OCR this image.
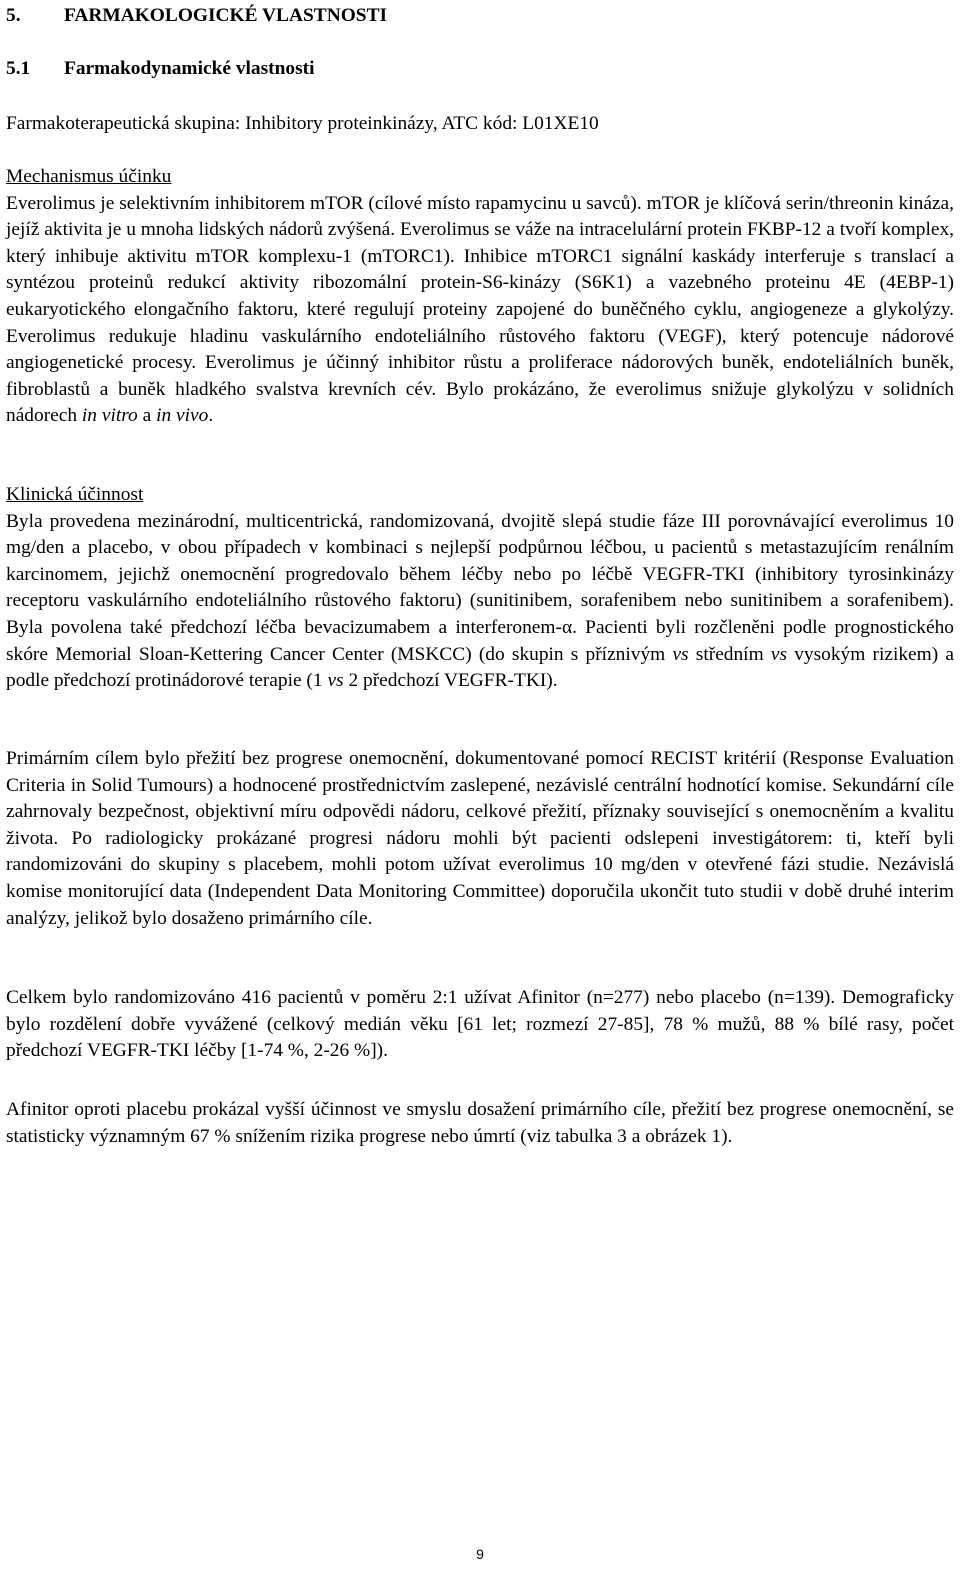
5. FARMAKOLOGICKÉ VLASTNOSTI
5.1 Farmakodynamické vlastnosti

Farmakoterapeutická skupina: Inhibitory proteinkinázy, ATC kód: L01XE10

Mechanismus účinku
Everolimus je selektivním inhibitorem mTOR (cílové místo rapamycinu u savců). mTOR je klíčová serin/threonin kináza, jejíž aktivita je u mnoha lidských nádorů zvýšená. Everolimus se váže na intracelulární protein FKBP-12 a tvoří komplex, který inhibuje aktivitu mTOR komplexu-1 (mTORC1). Inhibice mTORC1 signální kaskády interferuje s translací a syntézou proteinů redukcí aktivity ribozomální protein-S6-kinázy (S6K1) a vazebného proteinu 4E (4EBP-1) eukaryotického elongačního faktoru, které regulují proteiny zapojené do buněčného cyklu, angiogeneze a glykolýzy. Everolimus redukuje hladinu vaskulárního endoteliálního růstového faktoru (VEGF), který potencuje nádorové angiogenetické procesy. Everolimus je účinný inhibitor růstu a proliferace nádorových buněk, endoteliálních buněk, fibroblastů a buněk hladkého svalstva krevních cév. Bylo prokázáno, že everolimus snižuje glykolýzu v solidních nádorech in vitro a in vivo.
Klinická účinnost
Byla provedena mezinárodní, multicentrická, randomizovaná, dvojitě slepá studie fáze III porovnávající everolimus 10 mg/den a placebo, v obou případech v kombinaci s nejlepší podpůrnou léčbou, u pacientů s metastazujícím renálním karcinomem, jejichž onemocnění progredovalo během léčby nebo po léčbě VEGFR-TKI (inhibitory tyrosinkinázy receptoru vaskulárního endoteliálního růstového faktoru) (sunitinibem, sorafenibem nebo sunitinibem a sorafenibem). Byla povolena také předchozí léčba bevacizumabem a interferonem-α. Pacienti byli rozčleněni podle prognostického skóre Memorial Sloan-Kettering Cancer Center (MSKCC) (do skupin s příznivým vs středním vs vysokým rizikem) a podle předchozí protinádorové terapie (1 vs 2 předchozí VEGFR-TKI).

Primárním cílem bylo přežití bez progrese onemocnění, dokumentované pomocí RECIST kritérií (Response Evaluation Criteria in Solid Tumours) a hodnocené prostřednictvím zaslepené, nezávislé centrální hodnotící komise. Sekundární cíle zahrnovaly bezpečnost, objektivní míru odpovědi nádoru, celkové přežití, příznaky související s onemocněním a kvalitu života. Po radiologicky prokázané progresi nádoru mohli být pacienti odslepeni investigátorem: ti, kteří byli randomizováni do skupiny s placebem, mohli potom užívat everolimus 10 mg/den v otevřené fázi studie. Nezávislá komise monitorující data (Independent Data Monitoring Committee) doporučila ukončit tuto studii v době druhé interim analýzy, jelikož bylo dosaženo primárního cíle.

Celkem bylo randomizováno 416 pacientů v poměru 2:1 užívat Afinitor (n=277) nebo placebo (n=139). Demograficky bylo rozdělení dobře vyvážené (celkový medián věku [61 let; rozmezí 27-85], 78 % mužů, 88 % bílé rasy, počet předchozí VEGFR-TKI léčby [1-74 %, 2-26 %]).

Afinitor oproti placebu prokázal vyšší účinnost ve smyslu dosažení primárního cíle, přežití bez progrese onemocnění, se statisticky významným 67 % snížením rizika progrese nebo úmrtí (viz tabulka 3 a obrázek 1).

9
